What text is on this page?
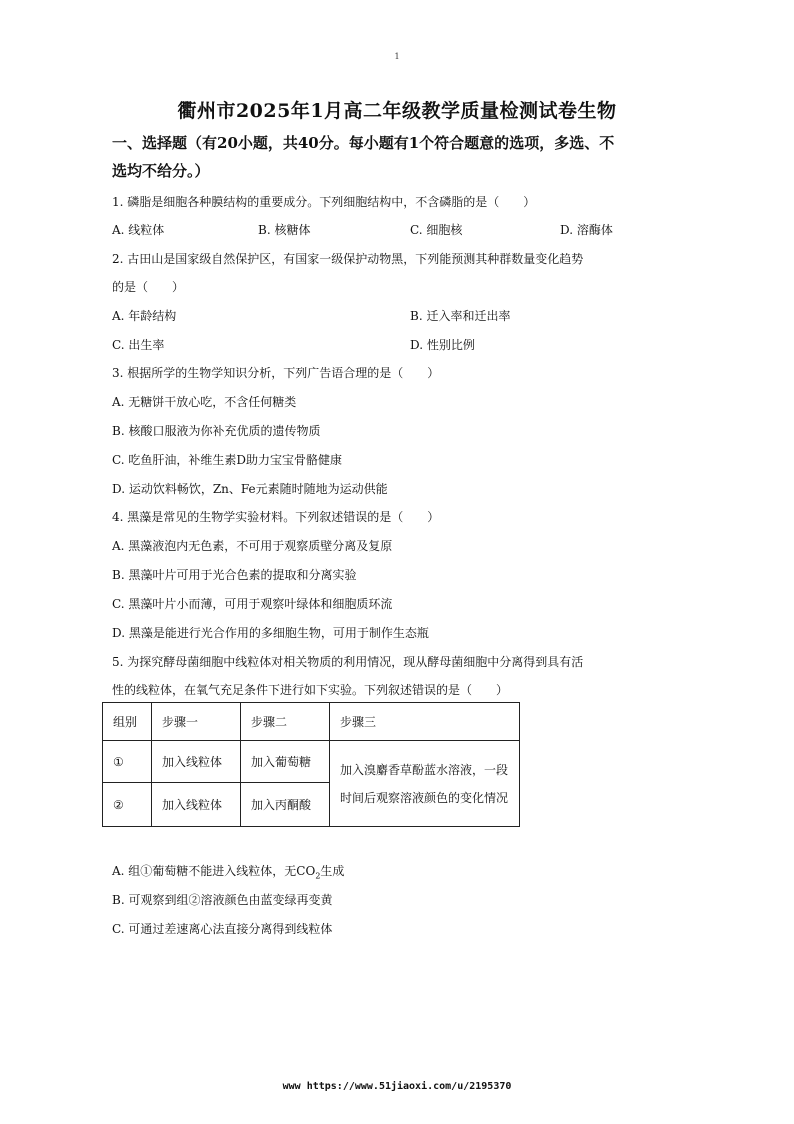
1
衢州市2025年1月高二年级教学质量检测试卷生物
一、选择题（有20小题，共40分。每小题有1个符合题意的选项，多选、不
选均不给分。）
1. 磷脂是细胞各种膜结构的重要成分。下列细胞结构中，不含磷脂的是（　　）
A. 线粒体	B. 核糖体	C. 细胞核	D. 溶酶体
2. 古田山是国家级自然保护区，有国家一级保护动物黑，下列能预测其种群数量变化趋势
的是（　　）
A. 年龄结构	B. 迁入率和迁出率
C. 出生率	D. 性别比例
3. 根据所学的生物学知识分析，下列广告语合理的是（　　）
A. 无糖饼干放心吃，不含任何糖类
B. 核酸口服液为你补充优质的遗传物质
C. 吃鱼肝油，补维生素D助力宝宝骨骼健康
D. 运动饮料畅饮，Zn、Fe元素随时随地为运动供能
4. 黑藻是常见的生物学实验材料。下列叙述错误的是（　　）
A. 黑藻液泡内无色素，不可用于观察质壁分离及复原
B. 黑藻叶片可用于光合色素的提取和分离实验
C. 黑藻叶片小而薄，可用于观察叶绿体和细胞质环流
D. 黑藻是能进行光合作用的多细胞生物，可用于制作生态瓶
5. 为探究酵母菌细胞中线粒体对相关物质的利用情况，现从酵母菌细胞中分离得到具有活
性的线粒体，在氧气充足条件下进行如下实验。下列叙述错误的是（　　）
组别	步骤一	步骤二	步骤三
①	加入线粒体	加入葡萄糖	加入溴麝香草酚蓝水溶液，一段
时间后观察溶液颜色的变化情况

②	加入线粒体	加入丙酮酸	
A. 组①葡萄糖不能进入线粒体，无$CO_2$生成
B. 可观察到组②溶液颜色由蓝变绿再变黄
C. 可通过差速离心法直接分离得到线粒体
www https://www.51jiaoxi.com/u/2195370
